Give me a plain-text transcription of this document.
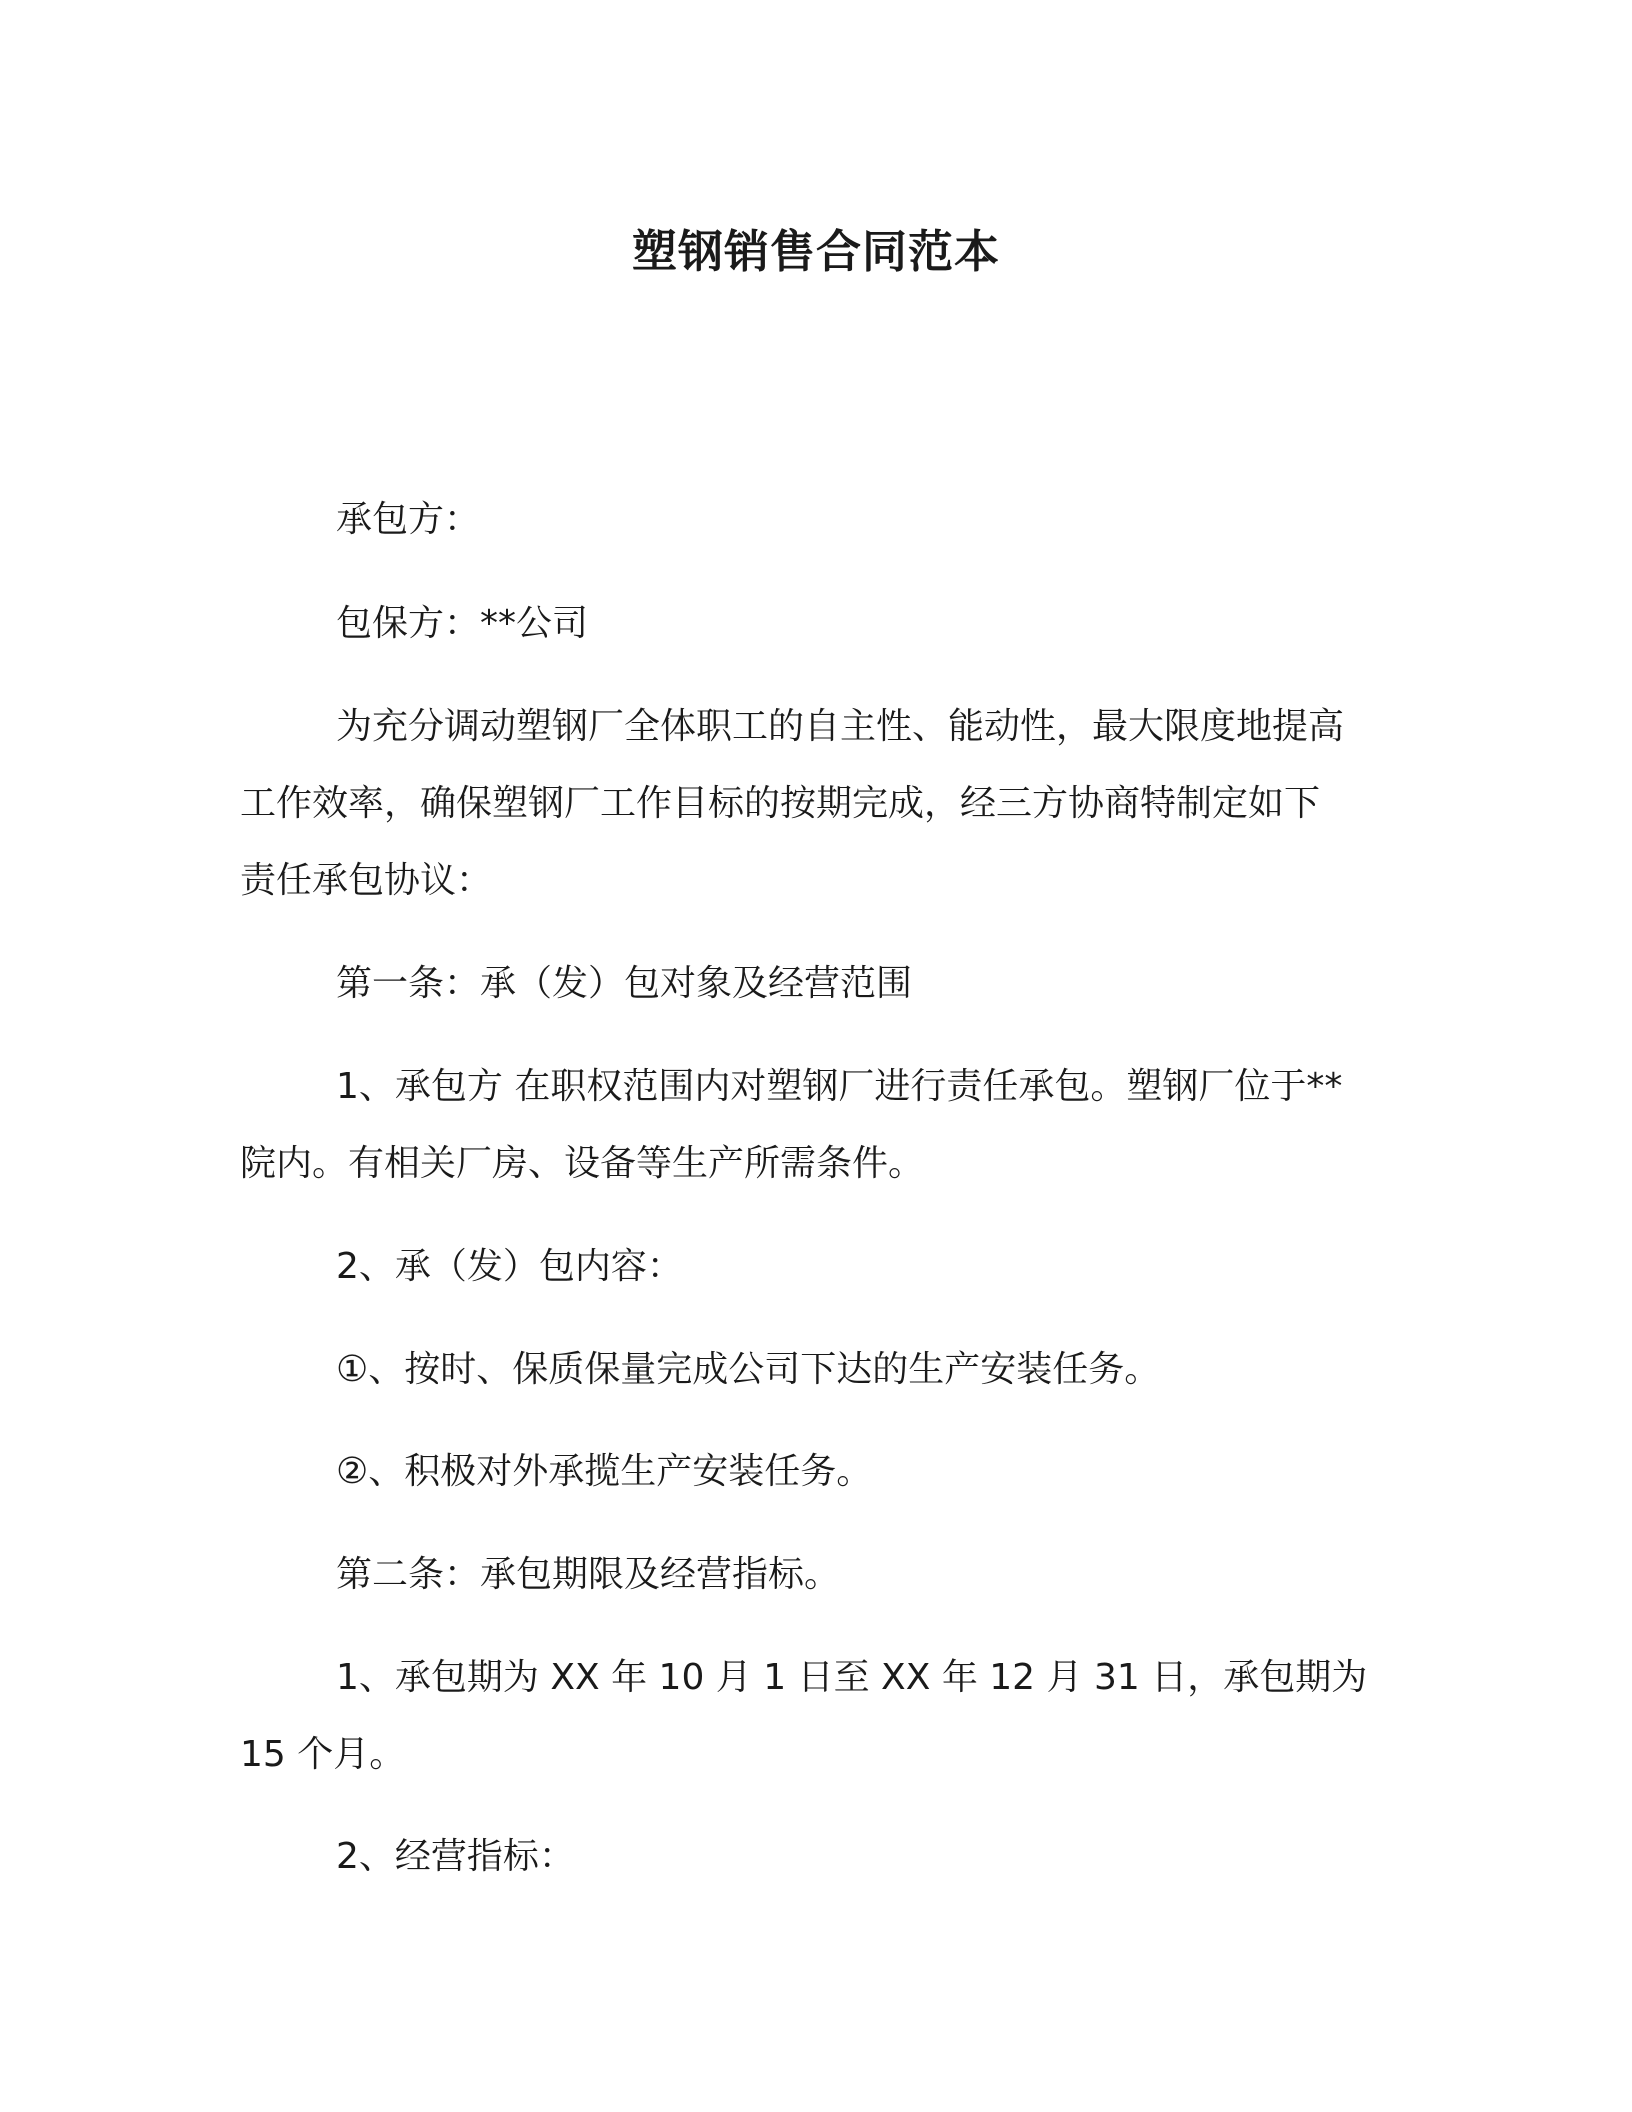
塑钢销售合同范本
承包方：
包保方：**公司
为充分调动塑钢厂全体职工的自主性、能动性，最大限度地提高
工作效率，确保塑钢厂工作目标的按期完成，经三方协商特制定如下
责任承包协议：
第一条：承（发）包对象及经营范围
1、承包方 在职权范围内对塑钢厂进行责任承包。塑钢厂位于**
院内。有相关厂房、设备等生产所需条件。
2、承（发）包内容：
①、按时、保质保量完成公司下达的生产安装任务。
②、积极对外承揽生产安装任务。
第二条：承包期限及经营指标。
1、承包期为 XX 年 10 月 1 日至 XX 年 12 月 31 日，承包期为
15 个月。
2、经营指标：
